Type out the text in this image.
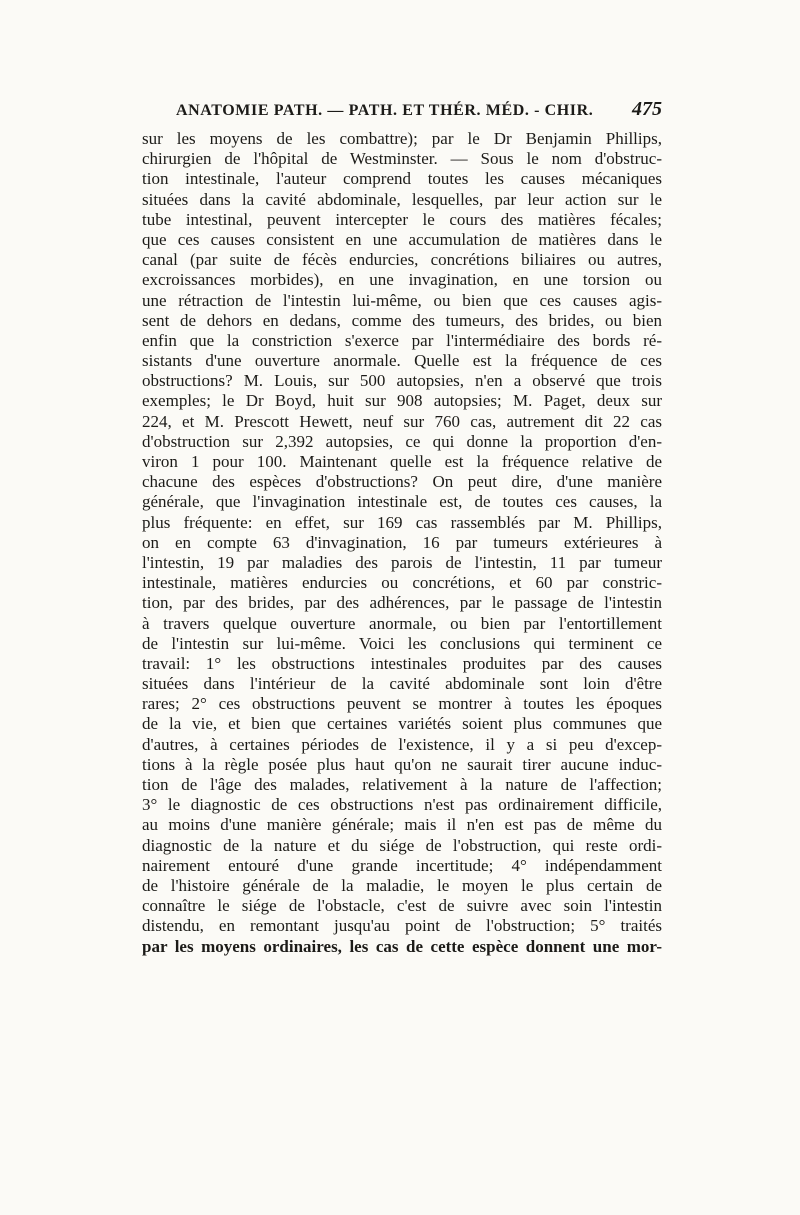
ANATOMIE PATH. — PATH. ET THÉR. MÉD. - CHIR. 475
sur les moyens de les combattre); par le Dr Benjamin Phillips,
chirurgien de l'hôpital de Westminster. — Sous le nom d'obstruc-
tion intestinale, l'auteur comprend toutes les causes mécaniques
situées dans la cavité abdominale, lesquelles, par leur action sur le
tube intestinal, peuvent intercepter le cours des matières fécales;
que ces causes consistent en une accumulation de matières dans le
canal (par suite de fécès endurcies, concrétions biliaires ou autres,
excroissances morbides), en une invagination, en une torsion ou
une rétraction de l'intestin lui-même, ou bien que ces causes agis-
sent de dehors en dedans, comme des tumeurs, des brides, ou bien
enfin que la constriction s'exerce par l'intermédiaire des bords ré-
sistants d'une ouverture anormale. Quelle est la fréquence de ces
obstructions? M. Louis, sur 500 autopsies, n'en a observé que trois
exemples; le Dr Boyd, huit sur 908 autopsies; M. Paget, deux sur
224, et M. Prescott Hewett, neuf sur 760 cas, autrement dit 22 cas
d'obstruction sur 2,392 autopsies, ce qui donne la proportion d'en-
viron 1 pour 100. Maintenant quelle est la fréquence relative de
chacune des espèces d'obstructions? On peut dire, d'une manière
générale, que l'invagination intestinale est, de toutes ces causes, la
plus fréquente: en effet, sur 169 cas rassemblés par M. Phillips,
on en compte 63 d'invagination, 16 par tumeurs extérieures à
l'intestin, 19 par maladies des parois de l'intestin, 11 par tumeur
intestinale, matières endurcies ou concrétions, et 60 par constric-
tion, par des brides, par des adhérences, par le passage de l'intestin
à travers quelque ouverture anormale, ou bien par l'entortillement
de l'intestin sur lui-même. Voici les conclusions qui terminent ce
travail: 1° les obstructions intestinales produites par des causes
situées dans l'intérieur de la cavité abdominale sont loin d'être
rares; 2° ces obstructions peuvent se montrer à toutes les époques
de la vie, et bien que certaines variétés soient plus communes que
d'autres, à certaines périodes de l'existence, il y a si peu d'excep-
tions à la règle posée plus haut qu'on ne saurait tirer aucune induc-
tion de l'âge des malades, relativement à la nature de l'affection;
3° le diagnostic de ces obstructions n'est pas ordinairement difficile,
au moins d'une manière générale; mais il n'en est pas de même du
diagnostic de la nature et du siége de l'obstruction, qui reste ordi-
nairement entouré d'une grande incertitude; 4° indépendamment
de l'histoire générale de la maladie, le moyen le plus certain de
connaître le siége de l'obstacle, c'est de suivre avec soin l'intestin
distendu, en remontant jusqu'au point de l'obstruction; 5° traités
par les moyens ordinaires, les cas de cette espèce donnent une mor-
